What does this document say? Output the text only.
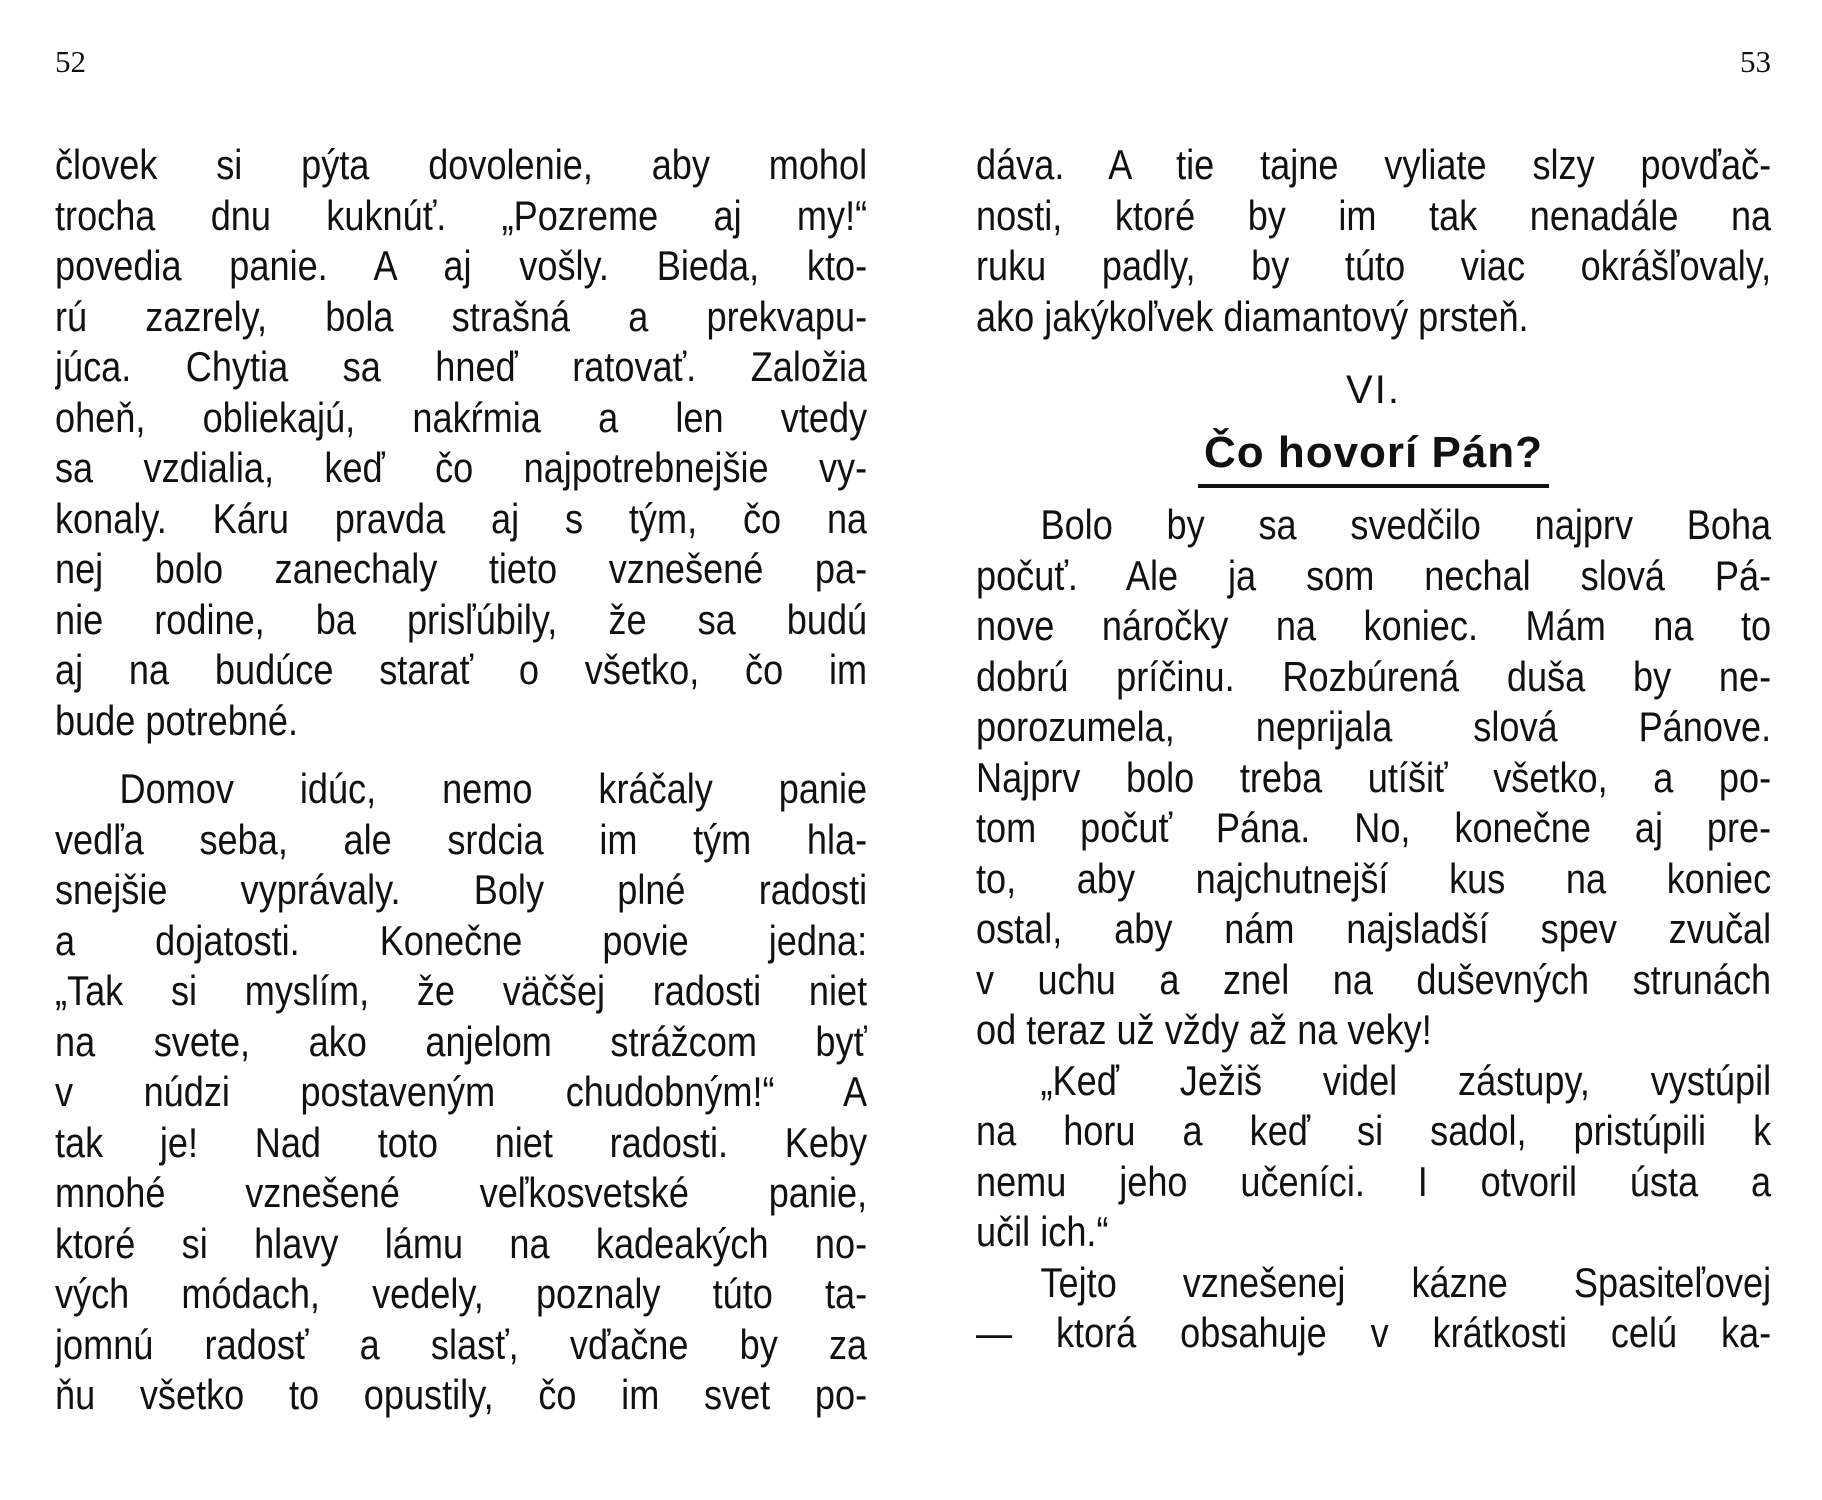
52
človek si pýta dovolenie, aby mohol
trocha dnu kuknúť. „Pozreme aj my!“
povedia panie. A aj vošly. Bieda, kto-
rú zazrely, bola strašná a prekvapu-
júca. Chytia sa hneď ratovať. Založia
oheň, obliekajú, nakŕmia a len vtedy
sa vzdialia, keď čo najpotrebnejšie vy-
konaly. Káru pravda aj s tým, čo na
nej bolo zanechaly tieto vznešené pa-
nie rodine, ba prisľúbily, že sa budú
aj na budúce starať o všetko, čo im
bude potrebné.
Domov idúc, nemo kráčaly panie
vedľa seba, ale srdcia im tým hla-
snejšie vyprávaly. Boly plné radosti
a dojatosti. Konečne povie jedna:
„Tak si myslím, že väčšej radosti niet
na svete, ako anjelom strážcom byť
v núdzi postaveným chudobným!“ A
tak je! Nad toto niet radosti. Keby
mnohé vznešené veľkosvetské panie,
ktoré si hlavy lámu na kadeakých no-
vých módach, vedely, poznaly túto ta-
jomnú radosť a slasť, vďačne by za
ňu všetko to opustily, čo im svet po-
53
dáva. A tie tajne vyliate slzy povďač-
nosti, ktoré by im tak nenadále na
ruku padly, by túto viac okrášľovaly,
ako jakýkoľvek diamantový prsteň.
VI.
Čo hovorí Pán?
Bolo by sa svedčilo najprv Boha
počuť. Ale ja som nechal slová Pá-
nove náročky na koniec. Mám na to
dobrú príčinu. Rozbúrená duša by ne-
porozumela, neprijala slová Pánove.
Najprv bolo treba utíšiť všetko, a po-
tom počuť Pána. No, konečne aj pre-
to, aby najchutnejší kus na koniec
ostal, aby nám najsladší spev zvučal
v uchu a znel na duševných strunách
od teraz už vždy až na veky!
„Keď Ježiš videl zástupy, vystúpil
na horu a keď si sadol, pristúpili k
nemu jeho učeníci. I otvoril ústa a
učil ich.“
Tejto vznešenej kázne Spasiteľovej
— ktorá obsahuje v krátkosti celú ka-
